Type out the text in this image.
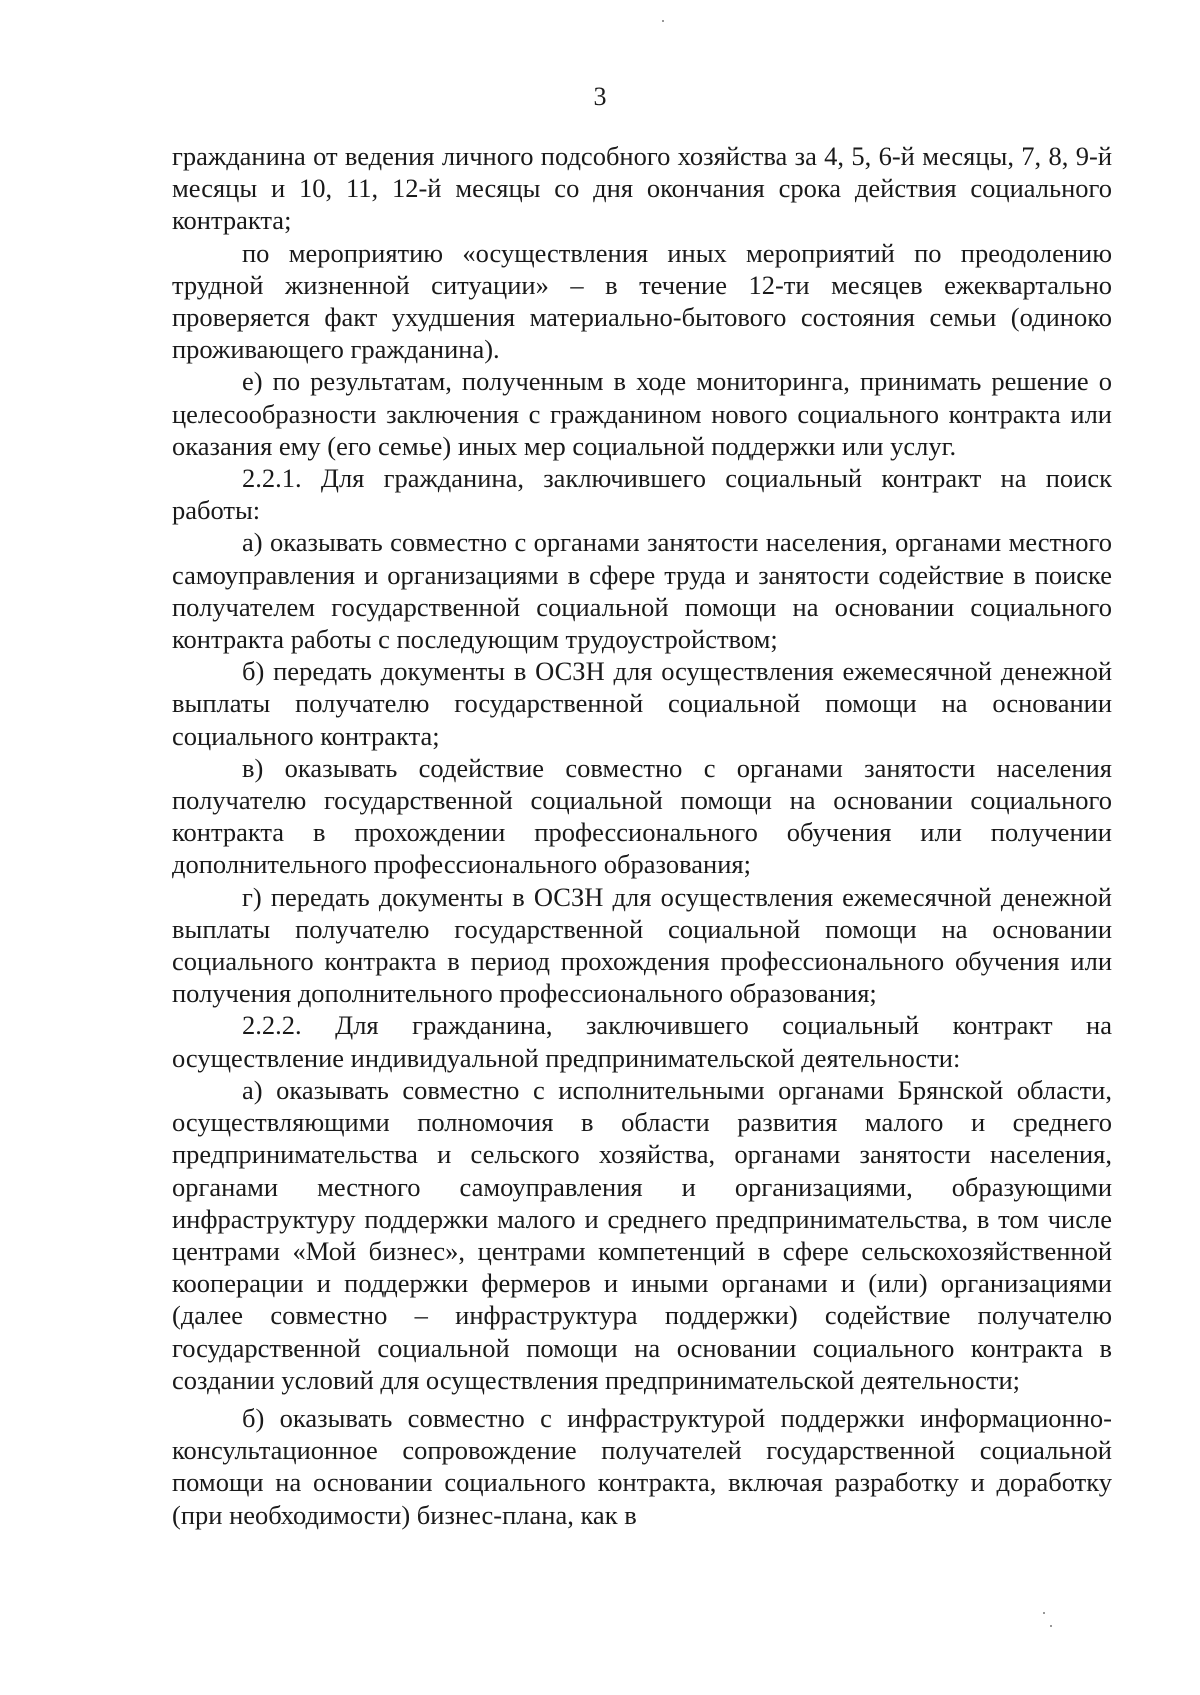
3

гражданина от ведения личного подсобного хозяйства за 4, 5, 6-й месяцы, 7, 8, 9-й месяцы и 10, 11, 12-й месяцы со дня окончания срока действия социального контракта;

по мероприятию «осуществления иных мероприятий по преодолению трудной жизненной ситуации» – в течение 12-ти месяцев ежеквартально проверяется факт ухудшения материально-бытового состояния семьи (одиноко проживающего гражданина).

е) по результатам, полученным в ходе мониторинга, принимать решение о целесообразности заключения с гражданином нового социального контракта или оказания ему (его семье) иных мер социальной поддержки или услуг.

2.2.1. Для гражданина, заключившего социальный контракт на поиск работы:

а) оказывать совместно с органами занятости населения, органами местного самоуправления и организациями в сфере труда и занятости содействие в поиске получателем государственной социальной помощи на основании социального контракта работы с последующим трудоустройством;

б) передать документы в ОСЗН для осуществления ежемесячной денежной выплаты получателю государственной социальной помощи на основании социального контракта;

в) оказывать содействие совместно с органами занятости населения получателю государственной социальной помощи на основании социального контракта в прохождении профессионального обучения или получении дополнительного профессионального образования;

г) передать документы в ОСЗН для осуществления ежемесячной денежной выплаты получателю государственной социальной помощи на основании социального контракта в период прохождения профессионального обучения или получения дополнительного профессионального образования;

2.2.2. Для гражданина, заключившего социальный контракт на осуществление индивидуальной предпринимательской деятельности:

а) оказывать совместно с исполнительными органами Брянской области, осуществляющими полномочия в области развития малого и среднего предпринимательства и сельского хозяйства, органами занятости населения, органами местного самоуправления и организациями, образующими инфраструктуру поддержки малого и среднего предпринимательства, в том числе центрами «Мой бизнес», центрами компетенций в сфере сельскохозяйственной кооперации и поддержки фермеров и иными органами и (или) организациями (далее совместно – инфраструктура поддержки) содействие получателю государственной социальной помощи на основании социального контракта в создании условий для осуществления предпринимательской деятельности;

б) оказывать совместно с инфраструктурой поддержки информационно-консультационное сопровождение получателей государственной социальной помощи на основании социального контракта, включая разработку и доработку (при необходимости) бизнес-плана, как в
